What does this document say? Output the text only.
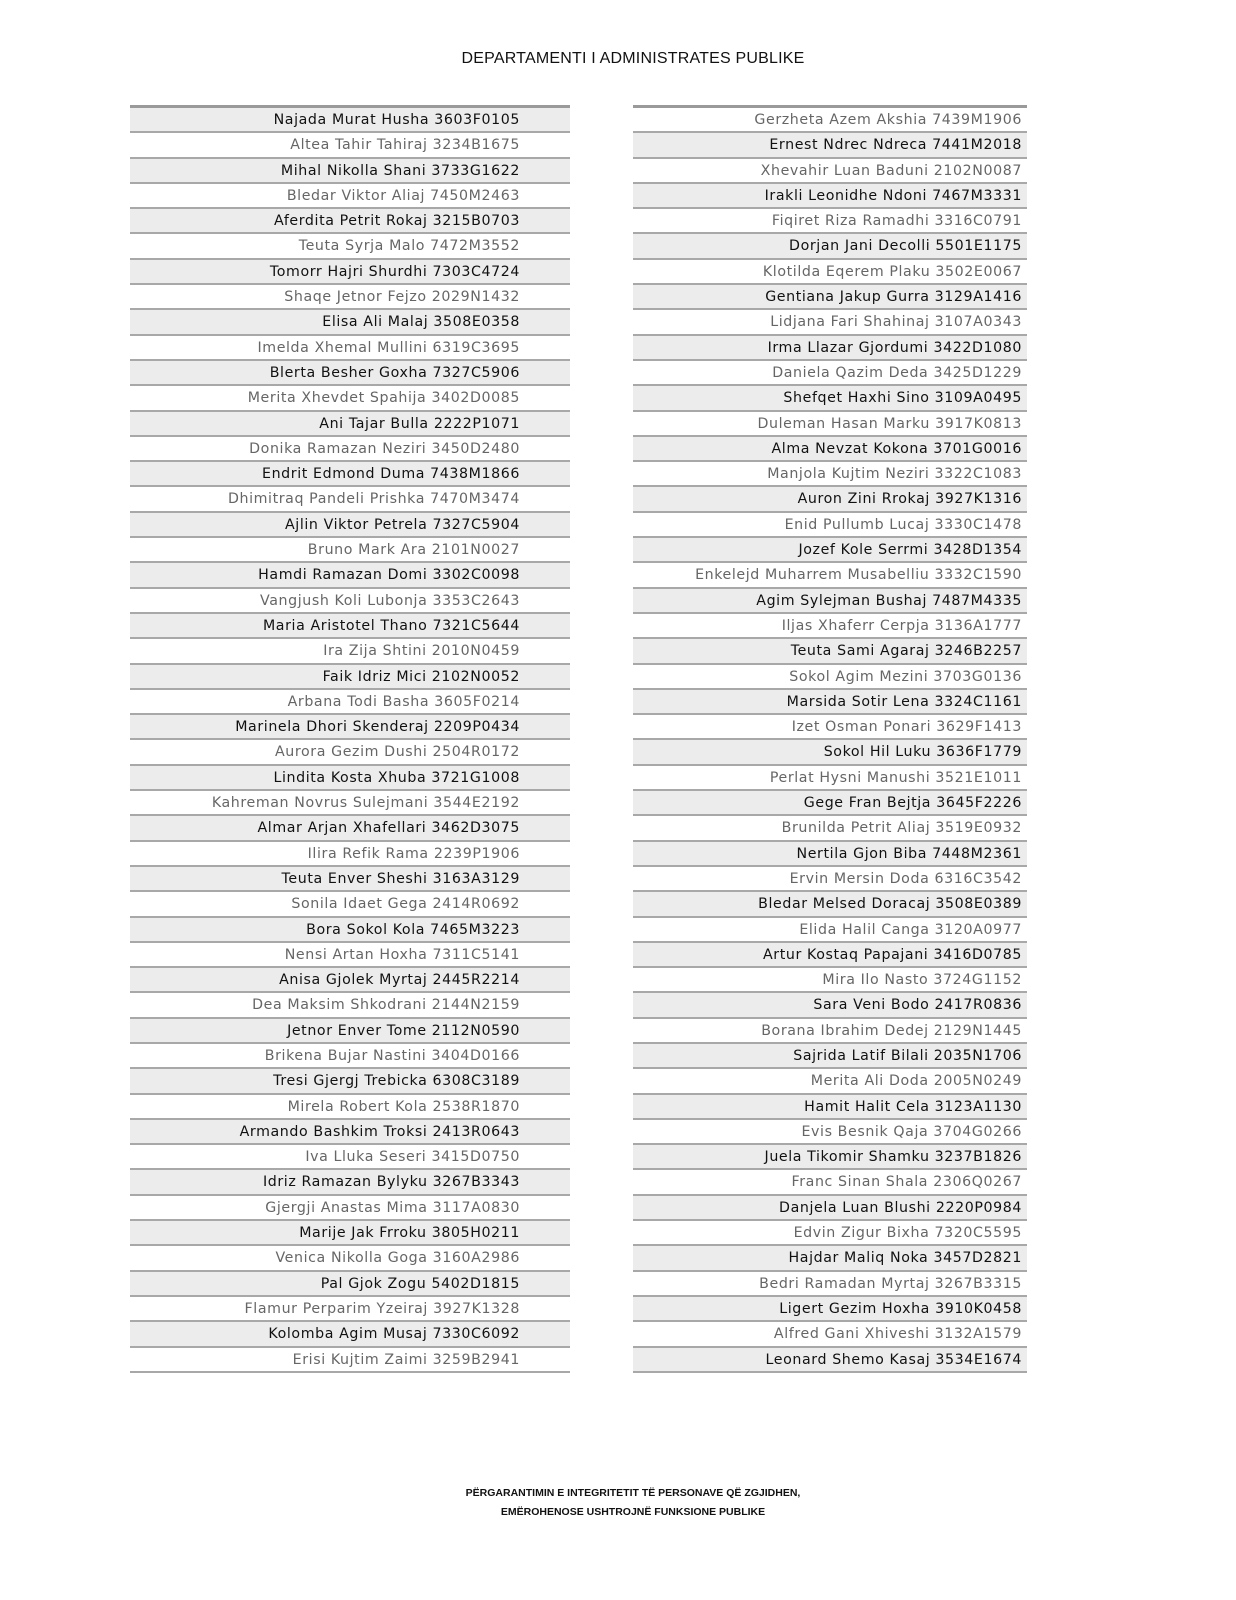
DEPARTAMENTI I ADMINISTRATES PUBLIKE
Najada Murat Husha 3603F0105
Altea Tahir Tahiraj 3234B1675
Mihal Nikolla Shani 3733G1622
Bledar Viktor Aliaj 7450M2463
Aferdita Petrit Rokaj 3215B0703
Teuta Syrja Malo 7472M3552
Tomorr Hajri Shurdhi 7303C4724
Shaqe Jetnor Fejzo 2029N1432
Elisa Ali Malaj 3508E0358
Imelda Xhemal Mullini 6319C3695
Blerta Besher Goxha 7327C5906
Merita Xhevdet Spahija 3402D0085
Ani Tajar Bulla 2222P1071
Donika Ramazan Neziri 3450D2480
Endrit Edmond Duma 7438M1866
Dhimitraq Pandeli Prishka 7470M3474
Ajlin Viktor Petrela 7327C5904
Bruno Mark Ara 2101N0027
Hamdi Ramazan Domi 3302C0098
Vangjush Koli Lubonja 3353C2643
Maria Aristotel Thano 7321C5644
Ira Zija Shtini 2010N0459
Faik Idriz Mici 2102N0052
Arbana Todi Basha 3605F0214
Marinela Dhori Skenderaj 2209P0434
Aurora Gezim Dushi 2504R0172
Lindita Kosta Xhuba 3721G1008
Kahreman Novrus Sulejmani 3544E2192
Almar Arjan Xhafellari 3462D3075
Ilira Refik Rama 2239P1906
Teuta Enver Sheshi 3163A3129
Sonila Idaet Gega 2414R0692
Bora Sokol Kola 7465M3223
Nensi Artan Hoxha 7311C5141
Anisa Gjolek Myrtaj 2445R2214
Dea Maksim Shkodrani 2144N2159
Jetnor Enver Tome 2112N0590
Brikena Bujar Nastini 3404D0166
Tresi Gjergj Trebicka 6308C3189
Mirela Robert Kola 2538R1870
Armando Bashkim Troksi 2413R0643
Iva Lluka Seseri 3415D0750
Idriz Ramazan Bylyku 3267B3343
Gjergji Anastas Mima 3117A0830
Marije Jak Frroku 3805H0211
Venica Nikolla Goga 3160A2986
Pal Gjok Zogu 5402D1815
Flamur Perparim Yzeiraj 3927K1328
Kolomba Agim Musaj 7330C6092
Erisi Kujtim Zaimi 3259B2941
Gerzheta Azem Akshia 7439M1906
Ernest Ndrec Ndreca 7441M2018
Xhevahir Luan Baduni 2102N0087
Irakli Leonidhe Ndoni 7467M3331
Fiqiret Riza Ramadhi 3316C0791
Dorjan Jani Decolli 5501E1175
Klotilda Eqerem Plaku 3502E0067
Gentiana Jakup Gurra 3129A1416
Lidjana Fari Shahinaj 3107A0343
Irma Llazar Gjordumi 3422D1080
Daniela Qazim Deda 3425D1229
Shefqet Haxhi Sino 3109A0495
Duleman Hasan Marku 3917K0813
Alma Nevzat Kokona 3701G0016
Manjola Kujtim Neziri 3322C1083
Auron Zini Rrokaj 3927K1316
Enid Pullumb Lucaj 3330C1478
Jozef Kole Serrmi 3428D1354
Enkelejd Muharrem Musabelliu 3332C1590
Agim Sylejman Bushaj 7487M4335
Iljas Xhaferr Cerpja 3136A1777
Teuta Sami Agaraj 3246B2257
Sokol Agim Mezini 3703G0136
Marsida Sotir Lena 3324C1161
Izet Osman Ponari 3629F1413
Sokol Hil Luku 3636F1779
Perlat Hysni Manushi 3521E1011
Gege Fran Bejtja 3645F2226
Brunilda Petrit Aliaj 3519E0932
Nertila Gjon Biba 7448M2361
Ervin Mersin Doda 6316C3542
Bledar Melsed Doracaj 3508E0389
Elida Halil Canga 3120A0977
Artur Kostaq Papajani 3416D0785
Mira Ilo Nasto 3724G1152
Sara Veni Bodo 2417R0836
Borana Ibrahim Dedej 2129N1445
Sajrida Latif Bilali 2035N1706
Merita Ali Doda 2005N0249
Hamit Halit Cela 3123A1130
Evis Besnik Qaja 3704G0266
Juela Tikomir Shamku 3237B1826
Franc Sinan Shala 2306Q0267
Danjela Luan Blushi 2220P0984
Edvin Zigur Bixha 7320C5595
Hajdar Maliq Noka 3457D2821
Bedri Ramadan Myrtaj 3267B3315
Ligert Gezim Hoxha 3910K0458
Alfred Gani Xhiveshi 3132A1579
Leonard Shemo Kasaj 3534E1674
PËRGARANTIMIN E INTEGRITETIT TË PERSONAVE QË ZGJIDHEN,
EMËROHENOSE USHTROJNË FUNKSIONE PUBLIKE
